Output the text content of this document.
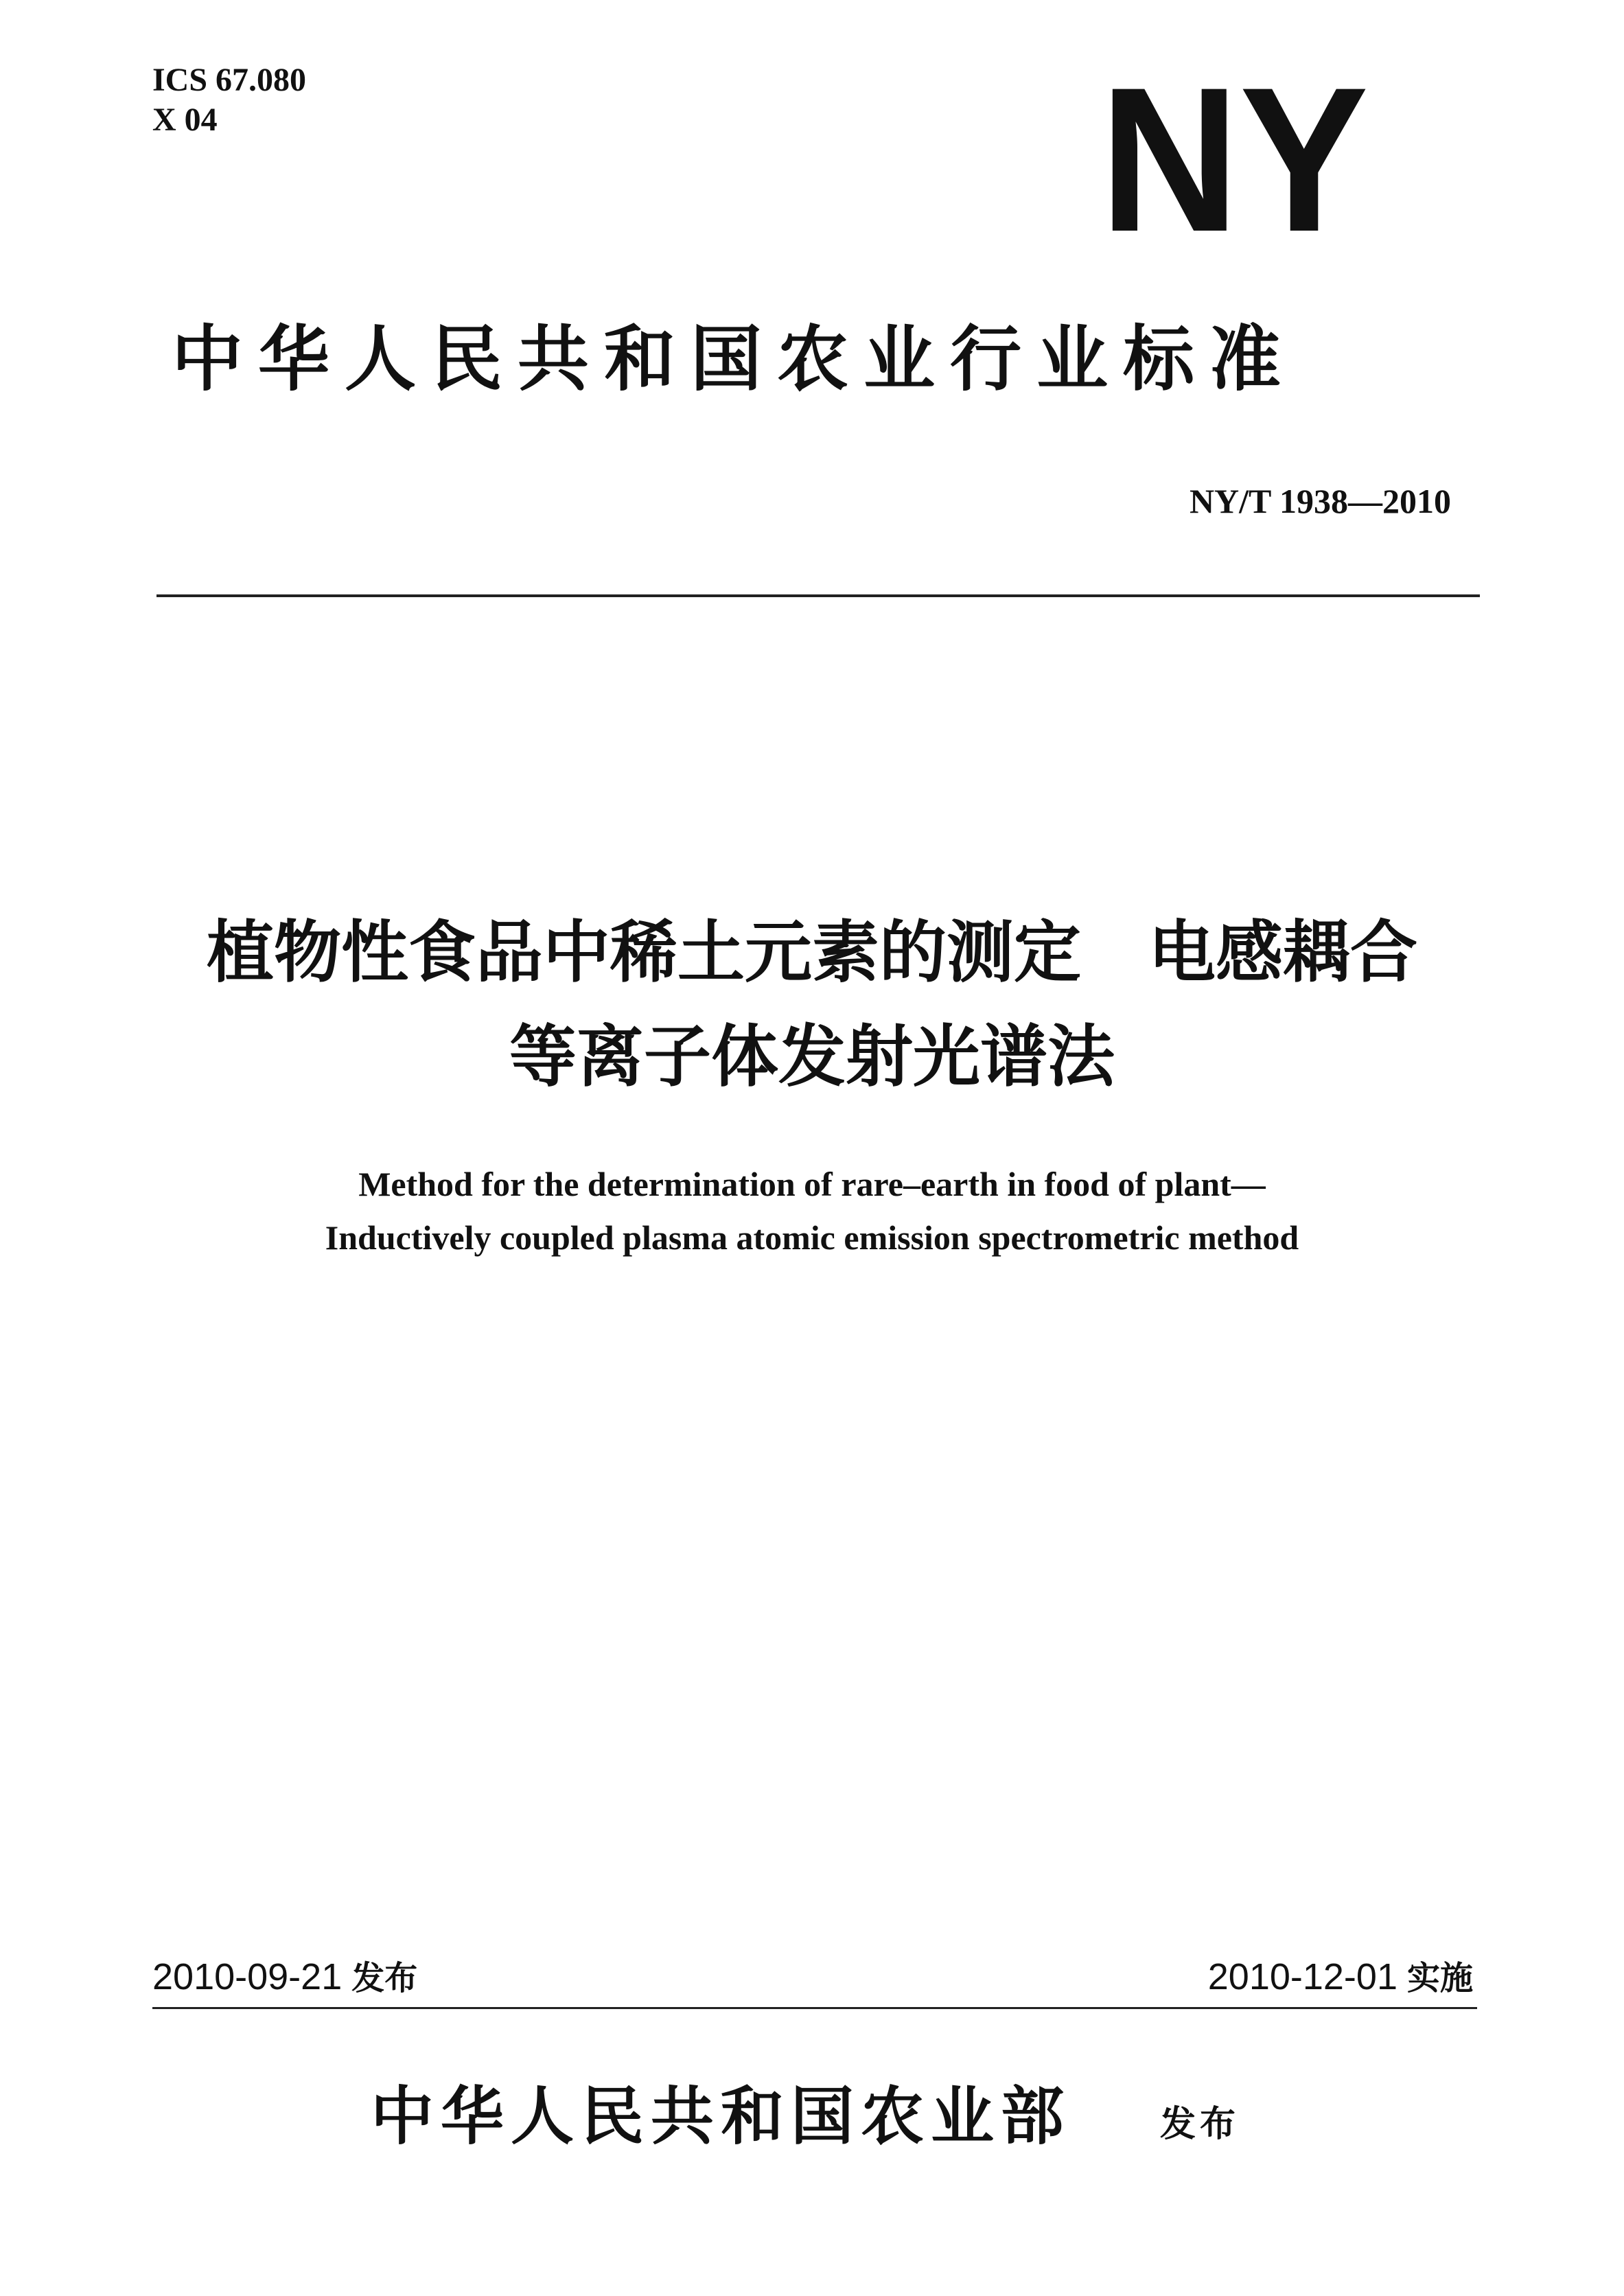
ICS 67.080
X 04	NY
中华人民共和国农业行业标准
NY/T 1938—2010
植物性食品中稀土元素的测定　电感耦合
等离子体发射光谱法
Method for the determination of rare–earth in food of plant—
Inductively coupled plasma atomic emission spectrometric method
2010-09-21 发布	2010-12-01 实施
中华人民共和国农业部 发布
